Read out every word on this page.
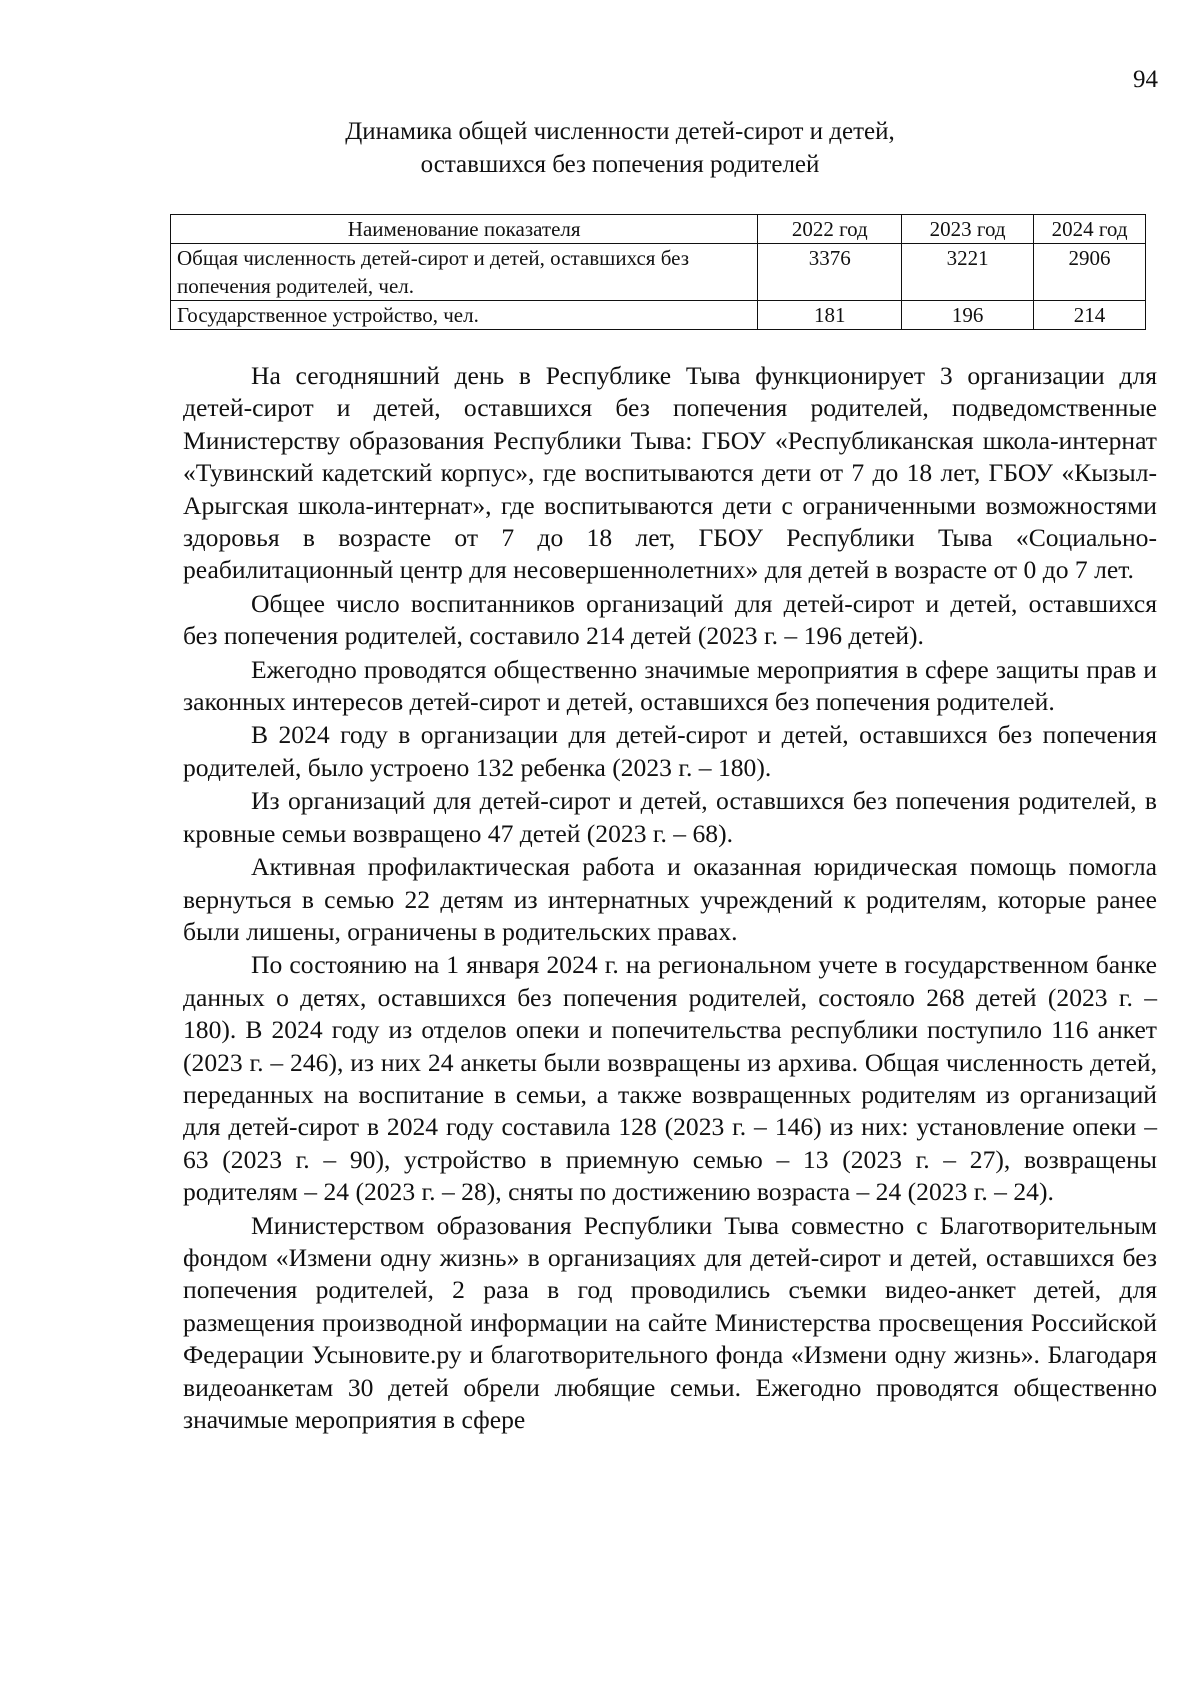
94
Динамика общей численности детей-сирот и детей,
оставшихся без попечения родителей
Наименование показателя	2022 год	2023 год	2024 год
Общая численность детей-сирот и детей, оставшихся без попечения родителей, чел.	3376	3221	2906
Государственное устройство, чел.	181	196	214

На сегодняшний день в Республике Тыва функционирует 3 организации для детей-сирот и детей, оставшихся без попечения родителей, подведомственные Министерству образования Республики Тыва: ГБОУ «Республиканская школа-интернат «Тувинский кадетский корпус», где воспитываются дети от 7 до 18 лет, ГБОУ «Кызыл-Арыгская школа-интернат», где воспитываются дети с ограниченными возможностями здоровья в возрасте от 7 до 18 лет, ГБОУ Республики Тыва «Социально-реабилитационный центр для несовершеннолетних» для детей в возрасте от 0 до 7 лет.

Общее число воспитанников организаций для детей-сирот и детей, оставшихся без попечения родителей, составило 214 детей (2023 г. – 196 детей).

Ежегодно проводятся общественно значимые мероприятия в сфере защиты прав и законных интересов детей-сирот и детей, оставшихся без попечения родителей.

В 2024 году в организации для детей-сирот и детей, оставшихся без попечения родителей, было устроено 132 ребенка (2023 г. – 180).

Из организаций для детей-сирот и детей, оставшихся без попечения родителей, в кровные семьи возвращено 47 детей (2023 г. – 68).

Активная профилактическая работа и оказанная юридическая помощь помогла вернуться в семью 22 детям из интернатных учреждений к родителям, которые ранее были лишены, ограничены в родительских правах.

По состоянию на 1 января 2024 г. на региональном учете в государственном банке данных о детях, оставшихся без попечения родителей, состояло 268 детей (2023 г. – 180). В 2024 году из отделов опеки и попечительства республики поступило 116 анкет (2023 г. – 246), из них 24 анкеты были возвращены из архива. Общая численность детей, переданных на воспитание в семьи, а также возвращенных родителям из организаций для детей-сирот в 2024 году составила 128 (2023 г. – 146) из них: установление опеки – 63 (2023 г. – 90), устройство в приемную семью – 13 (2023 г. – 27), возвращены родителям – 24 (2023 г. – 28), сняты по достижению возраста – 24 (2023 г. – 24).

Министерством образования Республики Тыва совместно с Благотворительным фондом «Измени одну жизнь» в организациях для детей-сирот и детей, оставшихся без попечения родителей, 2 раза в год проводились съемки видео-анкет детей, для размещения производной информации на сайте Министерства просвещения Российской Федерации Усыновите.ру и благотворительного фонда «Измени одну жизнь». Благодаря видеоанкетам 30 детей обрели любящие семьи. Ежегодно проводятся общественно значимые мероприятия в сфере
